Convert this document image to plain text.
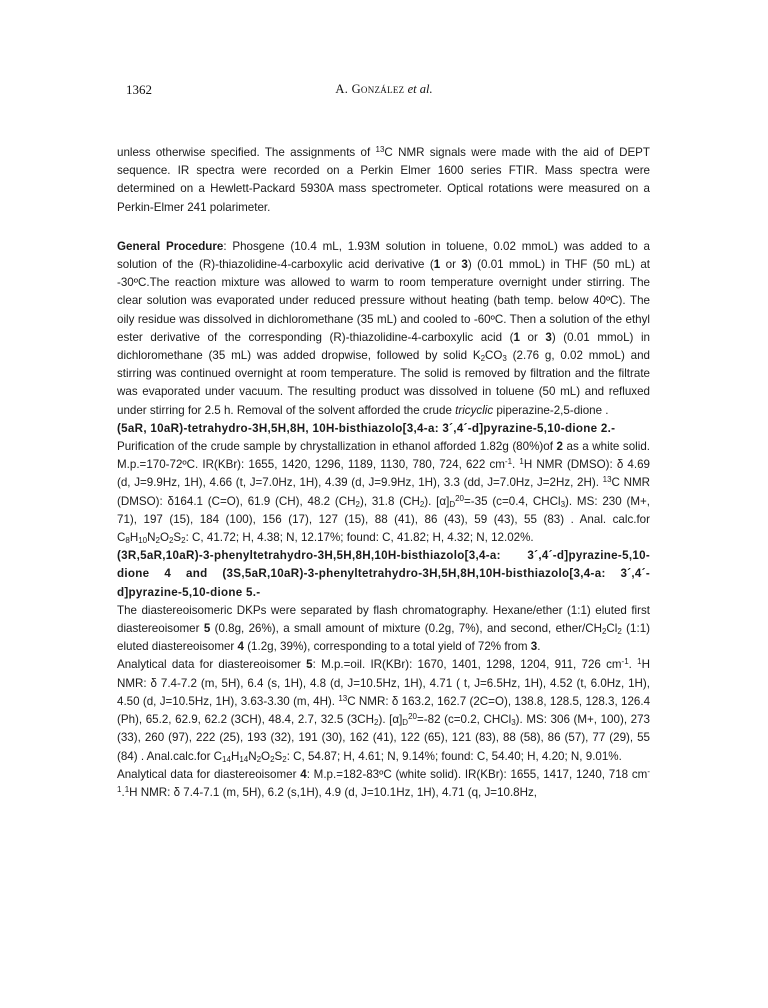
1362	A. González et al.

unless otherwise specified. The assignments of $^{13}$C NMR signals were made with the aid of DEPT sequence. IR spectra were recorded on a Perkin Elmer 1600 series FTIR. Mass spectra were determined on a Hewlett-Packard 5930A mass spectrometer. Optical rotations were measured on a Perkin-Elmer 241 polarimeter.

General Procedure: Phosgene (10.4 mL, 1.93M solution in toluene, 0.02 mmoL) was added to a solution of the (R)-thiazolidine-4-carboxylic acid derivative (1 or 3) (0.01 mmoL) in THF (50 mL) at -30ºC.The reaction mixture was allowed to warm to room temperature overnight under stirring. The clear solution was evaporated under reduced pressure without heating (bath temp. below 40ºC). The oily residue was dissolved in dichloromethane (35 mL) and cooled to -60ºC. Then a solution of the ethyl ester derivative of the corresponding (R)-thiazolidine-4-carboxylic acid (1 or 3) (0.01 mmoL) in dichloromethane (35 mL) was added dropwise, followed by solid $K_2CO_3$ (2.76 g, 0.02 mmoL) and stirring was continued overnight at room temperature. The solid is removed by filtration and the filtrate was evaporated under vacuum. The resulting product was dissolved in toluene (50 mL) and refluxed under stirring for 2.5 h. Removal of the solvent afforded the crude tricyclic piperazine-2,5-dione .

(5aR, 10aR)-tetrahydro-3H,5H,8H, 10H-bisthiazolo[3,4-a: 3´,4´-d]pyrazine-5,10-dione 2.-

Purification of the crude sample by chrystallization in ethanol afforded 1.82g (80%)of 2 as a white solid. M.p.=170-72ºC. IR(KBr): 1655, 1420, 1296, 1189, 1130, 780, 724, 622 $cm^{-1}$. $^1$H NMR (DMSO): δ 4.69 (d, J=9.9Hz, 1H), 4.66 (t, J=7.0Hz, 1H), 4.39 (d, J=9.9Hz, 1H), 3.3 (dd, J=7.0Hz, J=2Hz, 2H). $^{13}$C NMR (DMSO): δ164.1 (C=O), 61.9 (CH), 48.2 $(CH_2)$, 31.8 $(CH_2)$. $[\alpha]_D^{20}=-35$ (c=0.4, CHCl$_3$). MS: 230 (M+, 71), 197 (15), 184 (100), 156 (17), 127 (15), 88 (41), 86 (43), 59 (43), 55 (83) . Anal. calc.for $C_8H_{10}N_2O_2S_2$: C, 41.72; H, 4.38; N, 12.17%; found: C, 41.82; H, 4.32; N, 12.02%.

(3R,5aR,10aR)-3-phenyltetrahydro-3H,5H,8H,10H-bisthiazolo[3,4-a: 3´,4´-d]pyrazine-5,10-dione 4 and (3S,5aR,10aR)-3-phenyltetrahydro-3H,5H,8H,10H-bisthiazolo[3,4-a: 3´,4´-d]pyrazine-5,10-dione 5.-

The diastereoisomeric DKPs were separated by flash chromatography. Hexane/ether (1:1) eluted first diastereoisomer 5 (0.8g, 26%), a small amount of mixture (0.2g, 7%), and second, ether/$CH_2Cl_2$ (1:1) eluted diastereoisomer 4 (1.2g, 39%), corresponding to a total yield of 72% from 3.

Analytical data for diastereoisomer 5: M.p.=oil. IR(KBr): 1670, 1401, 1298, 1204, 911, 726 $cm^{-1}$. $^1$H NMR: δ 7.4-7.2 (m, 5H), 6.4 (s, 1H), 4.8 (d, J=10.5Hz, 1H), 4.71 ( t, J=6.5Hz, 1H), 4.52 (t, 6.0Hz, 1H), 4.50 (d, J=10.5Hz, 1H), 3.63-3.30 (m, 4H). $^{13}$C NMR: δ 163.2, 162.7 (2C=O), 138.8, 128.5, 128.3, 126.4 (Ph), 65.2, 62.9, 62.2 (3CH), 48.4, 2.7, 32.5 $(3CH_2)$. $[\alpha]_D^{20}=-82$ (c=0.2, CHCl$_3$). MS: 306 (M+, 100), 273 (33), 260 (97), 222 (25), 193 (32), 191 (30), 162 (41), 122 (65), 121 (83), 88 (58), 86 (57), 77 (29), 55 (84) . Anal.calc.for $C_{14}H_{14}N_2O_2S_2$: C, 54.87; H, 4.61; N, 9.14%; found: C, 54.40; H, 4.20; N, 9.01%.

Analytical data for diastereoisomer 4: M.p.=182-83ºC (white solid). IR(KBr): 1655, 1417, 1240, 718 $cm^{-1}.^1H$ NMR: δ 7.4-7.1 (m, 5H), 6.2 (s,1H), 4.9 (d, J=10.1Hz, 1H), 4.71 (q, J=10.8Hz,
